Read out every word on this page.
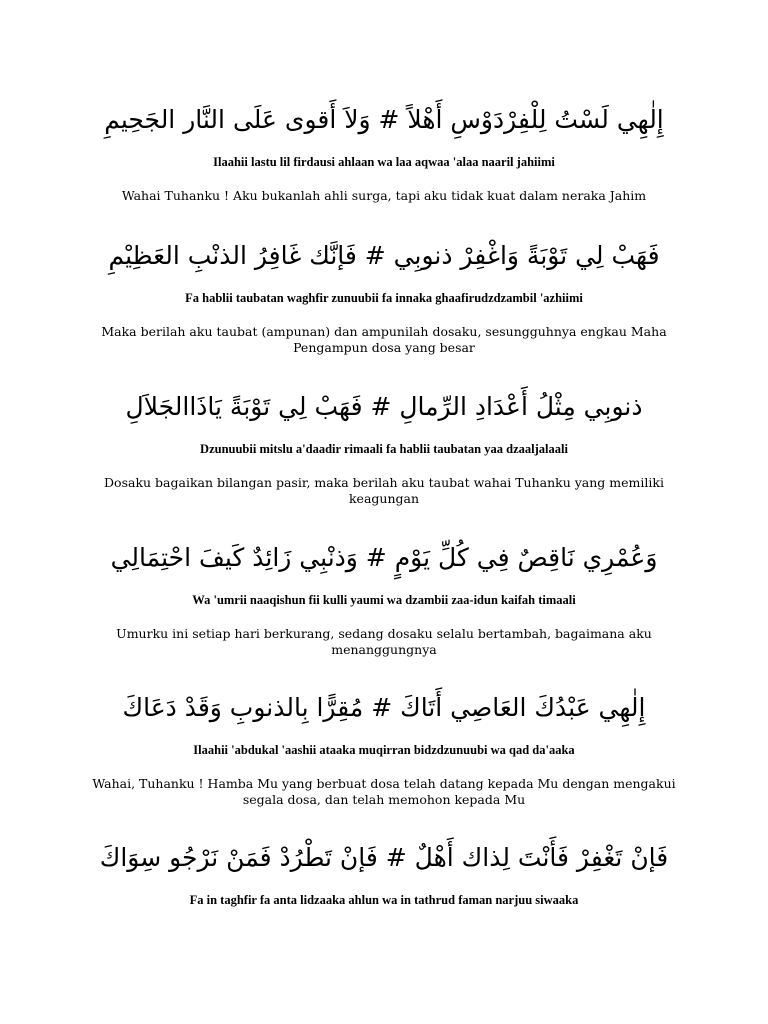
إِلٰهِي لَسْتُ لِلْفِرْدَوْسِ أَهْلاً # وَلاَ أَقوى عَلَى النَّار الجَحِيمِ

Ilaahii lastu lil firdausi ahlaan wa laa aqwaa 'alaa naaril jahiimi

Wahai Tuhanku ! Aku bukanlah ahli surga, tapi aku tidak kuat dalam neraka Jahim

فَهَبْ لِي تَوْبَةً وَاغْفِرْ ذنوبِي # فَإنَّك غَافِرُ الذنْبِ العَظِيْمِ

Fa hablii taubatan waghfir zunuubii fa innaka ghaafirudzdzambil 'azhiimi

Maka berilah aku taubat (ampunan) dan ampunilah dosaku, sesungguhnya engkau Maha Pengampun dosa yang besar

ذنوبِي مِثْلُ أَعْدَادِ الرِّمالِ # فَهَبْ لِي تَوْبَةً يَاذَاالجَلاَلِ

Dzunuubii mitslu a'daadir rimaali fa hablii taubatan yaa dzaaljalaali

Dosaku bagaikan bilangan pasir, maka berilah aku taubat wahai Tuhanku yang memiliki keagungan

وَعُمْرِي نَاقِصٌ فِي كُلِّ يَوْمٍ # وَذنْبِي زَائِدٌ كَيفَ احْتِمَالِي

Wa 'umrii naaqishun fii kulli yaumi wa dzambii zaa-idun kaifah timaali

Umurku ini setiap hari berkurang, sedang dosaku selalu bertambah, bagaimana aku menanggungnya

إِلٰهِي عَبْدُكَ العَاصِي أَتَاكَ # مُقِرًّا بِالذنوبِ وَقَدْ دَعَاكَ

Ilaahii 'abdukal 'aashii ataaka muqirran bidzdzunuubi wa qad da'aaka

Wahai, Tuhanku ! Hamba Mu yang berbuat dosa telah datang kepada Mu dengan mengakui segala dosa, dan telah memohon kepada Mu

فَإنْ تَغْفِرْ فَأَنْتَ لِذاك أَهْلٌ # فَإنْ تَطْرُدْ فَمَنْ نَرْجُو سِوَاكَ

Fa in taghfir fa anta lidzaaka ahlun wa in tathrud faman narjuu siwaaka
